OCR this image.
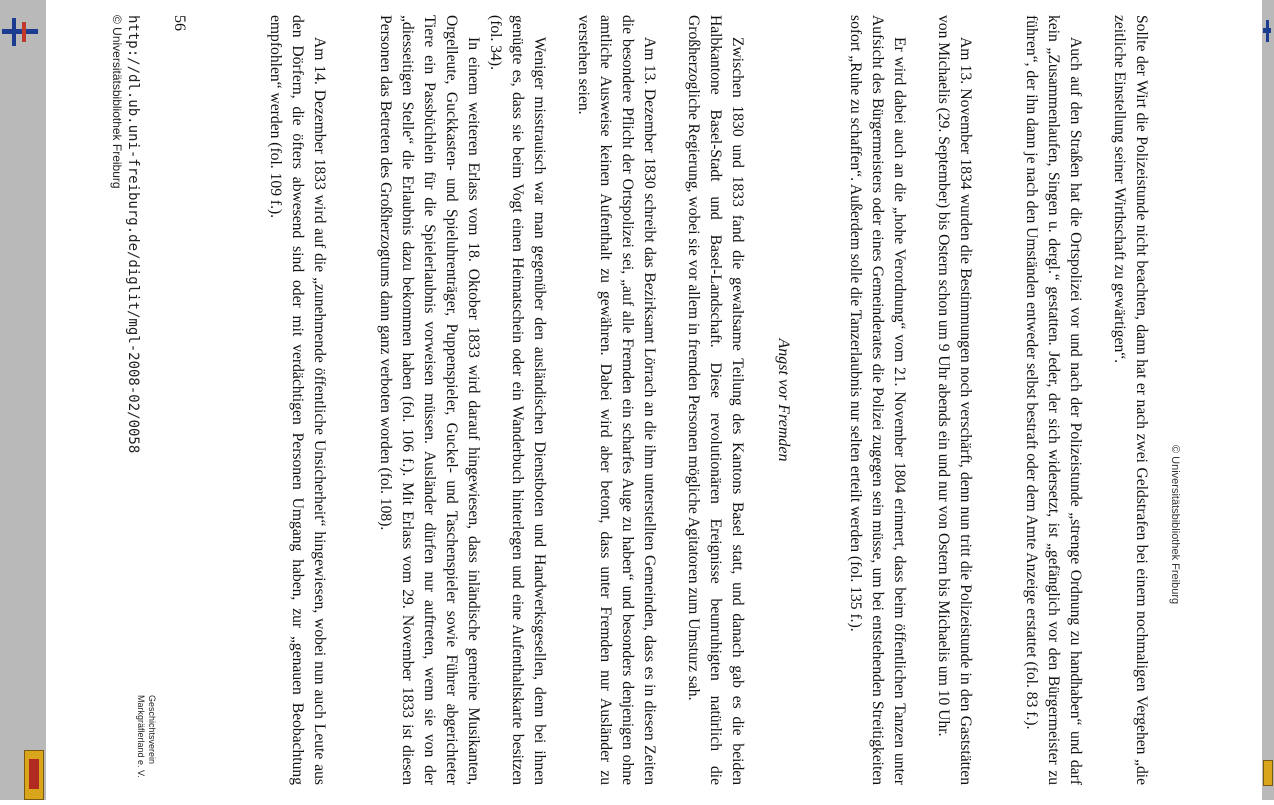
© Universitätsbibliothek Freiburg

Sollte der Wirt die Polizeistunde nicht beachten, dann hat er nach zwei Geldstrafen bei einem nochmaligen Vergehen „die zeitliche Einstellung seiner Wirthschaft zu gewärtigen“.

Auch auf den Straßen hat die Ortspolizei vor und nach der Polizeistunde „strenge Ordnung zu handhaben“ und darf kein „Zusammenlaufen, Singen u. dergl.“ gestatten. Jeder, der sich widersetzt, ist „gefänglich vor den Bürgermeister zu führen“, der ihn dann je nach den Umständen entweder selbst bestraft oder dem Amte Anzeige erstattet (fol. 83 f.).

Am 13. November 1834 wurden die Bestimmungen noch verschärft, denn nun tritt die Polizeistunde in den Gaststätten von Michaelis (29. September) bis Ostern schon um 9 Uhr abends ein und nur von Ostern bis Michaelis um 10 Uhr.

Er wird dabei auch an die „hohe Verordnung“ vom 21. November 1804 erinnert, dass beim öffentlichen Tanzen unter Aufsicht des Bürgermeisters oder eines Gemeinderates die Polizei zugegen sein müsse, um bei entstehenden Streitigkeiten sofort „Ruhe zu schaffen“. Außerdem solle die Tanzerlaubnis nur selten erteilt werden (fol. 135 f.).

Angst vor Fremden

Zwischen 1830 und 1833 fand die gewaltsame Teilung des Kantons Basel statt, und danach gab es die beiden Halbkantone Basel-Stadt und Basel-Landschaft. Diese revolutionären Ereignisse beunruhigten natürlich die Großherzogliche Regierung, wobei sie vor allem in fremden Personen mögliche Agitatoren zum Umsturz sah.

Am 13. Dezember 1830 schreibt das Bezirksamt Lörrach an die ihm unterstellten Gemeinden, dass es in diesen Zeiten die besondere Pflicht der Ortspolizei sei, „auf alle Fremden ein scharfes Auge zu haben“ und besonders denjenigen ohne amtliche Ausweise keinen Aufenthalt zu gewähren. Dabei wird aber betont, dass unter Fremden nur Ausländer zu verstehen seien.

Weniger misstrauisch war man gegenüber den ausländischen Dienstboten und Handwerksgesellen, denn bei ihnen genügte es, dass sie beim Vogt einen Heimatschein oder ein Wanderbuch hinterlegen und eine Aufenthaltskarte besitzen (fol. 34).

In einem weiteren Erlass vom 18. Oktober 1833 wird darauf hingewiesen, dass inländische gemeine Musikanten, Orgelleute, Guckkasten- und Spieluhrenträger, Puppenspieler, Guckel- und Taschenspieler sowie Führer abgerichteter Tiere ein Passbüchlein für die Spielerlaubnis vorweisen müssen. Ausländer dürfen nur auftreten, wenn sie von der „diesseitigen Stelle“ die Erlaubnis dazu bekommen haben (fol. 106 f.). Mit Erlass vom 29. November 1833 ist diesen Personen das Betreten des Großherzogtums dann ganz verboten worden (fol. 108).

Am 14. Dezember 1833 wird auf die „zunehmende öffentliche Unsicherheit“ hingewiesen, wobei nun auch Leute aus den Dörfern, die öfters abwesend sind oder mit verdächtigen Personen Umgang haben, zur „genauen Beobachtung empfohlen“ werden (fol. 109 f.).

56
http://dl.ub.uni-freiburg.de/diglit/mgl-2008-02/0058
© Universitätsbibliothek Freiburg
Geschichtsverein
Markgräflerland e. V.
